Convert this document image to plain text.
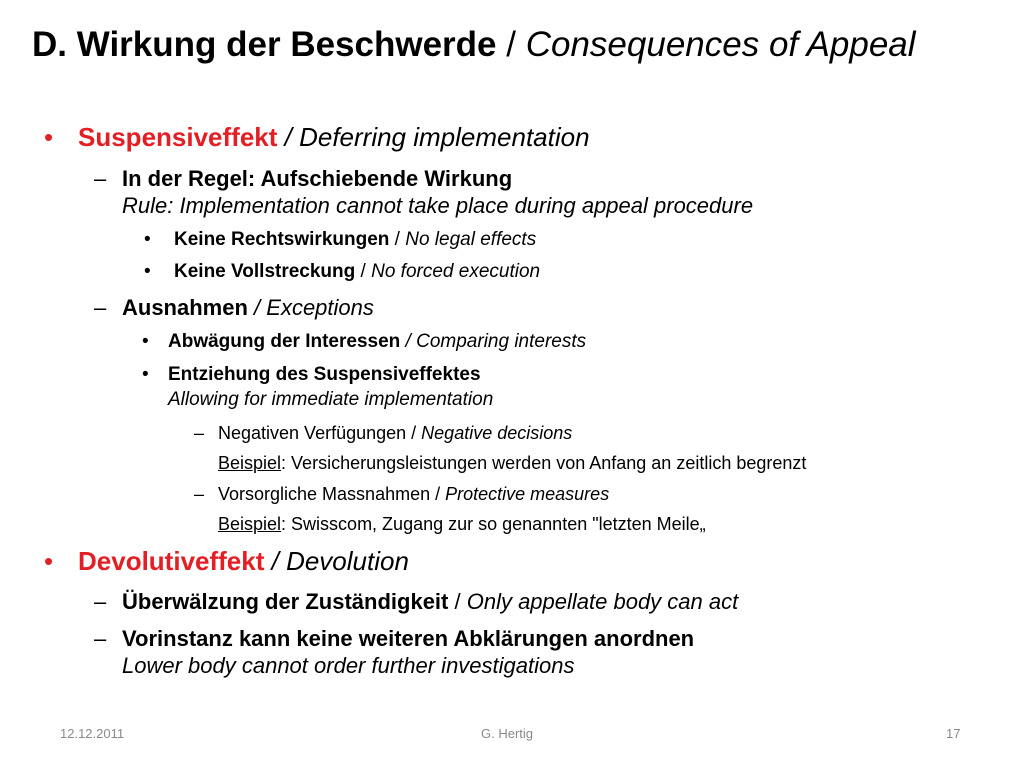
D. Wirkung der Beschwerde / Consequences of Appeal
• Suspensiveffekt / Deferring implementation
– In der Regel: Aufschiebende Wirkung
Rule: Implementation cannot take place during appeal procedure
• Keine Rechtswirkungen / No legal effects
• Keine Vollstreckung / No forced execution
– Ausnahmen / Exceptions
• Abwägung der Interessen / Comparing interests
• Entziehung des Suspensiveffektes
Allowing for immediate implementation
– Negativen Verfügungen / Negative decisions
Beispiel: Versicherungsleistungen werden von Anfang an zeitlich begrenzt
– Vorsorgliche Massnahmen / Protective measures
Beispiel: Swisscom, Zugang zur so genannten "letzten Meile„
• Devolutiveffekt / Devolution
– Überwälzung der Zuständigkeit / Only appellate body can act
– Vorinstanz kann keine weiteren Abklärungen anordnen
Lower body cannot order further investigations
12.12.2011	G. Hertig	17
